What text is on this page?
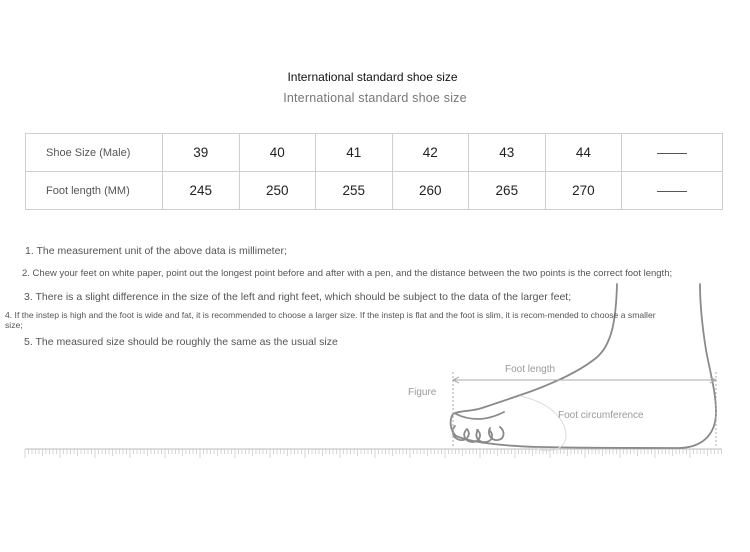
International standard shoe size
International standard shoe size
Shoe Size (Male)	39	40	41	42	43	44	
Foot length (MM)	245	250	255	260	265	270	
Figure
Foot length
Foot circumference
1. The measurement unit of the above data is millimeter;
2. Chew your feet on white paper, point out the longest point before and after with a pen, and the distance between the two points is the correct foot length;
3. There is a slight difference in the size of the left and right feet, which should be subject to the data of the larger feet;
4. If the instep is high and the foot is wide and fat, it is recommended to choose a larger size. If the instep is flat and the foot is slim, it is recom-mended to choose a smaller size;
5. The measured size should be roughly the same as the usual size
